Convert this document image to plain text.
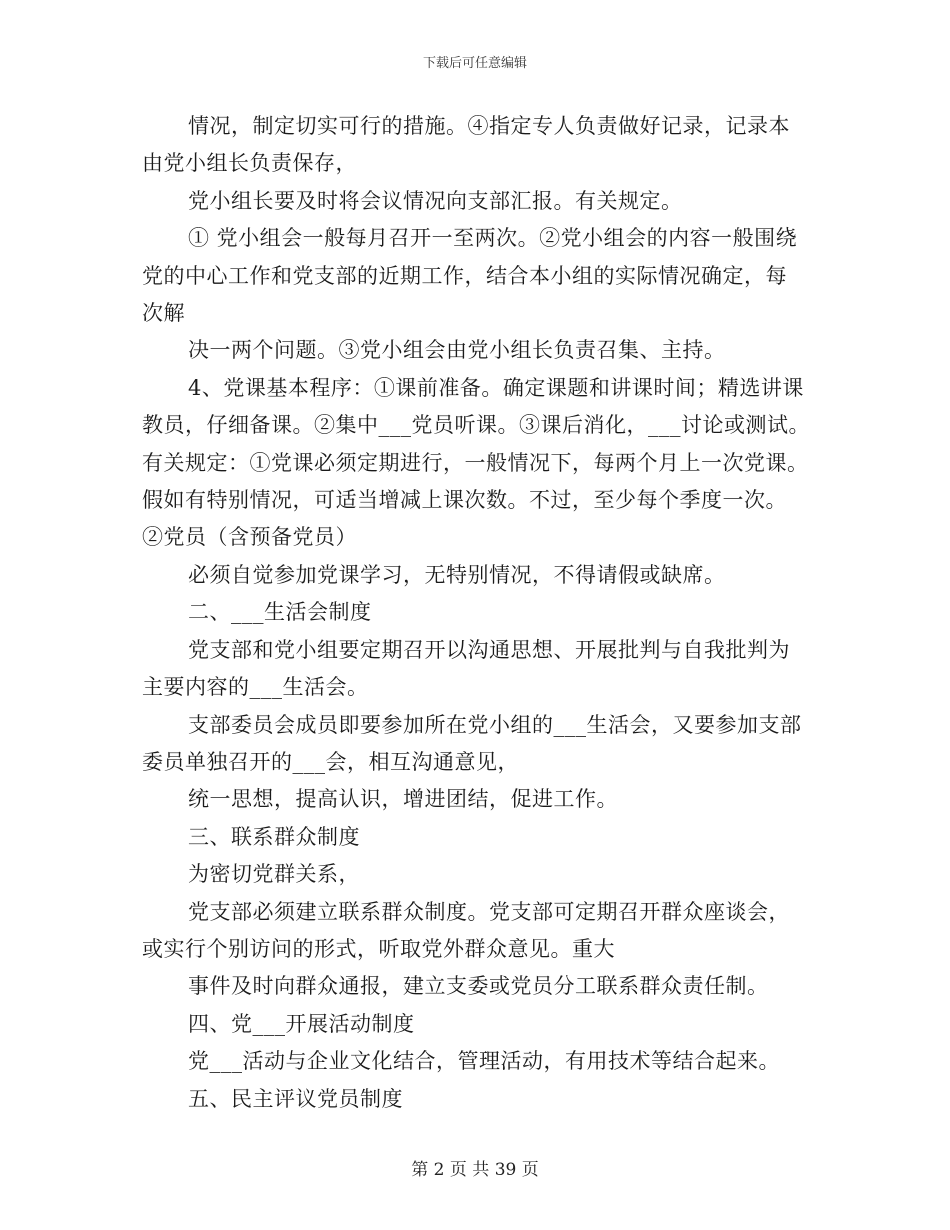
下载后可任意编辑
情况，制定切实可行的措施。④指定专人负责做好记录，记录本
由党小组长负责保存，
党小组长要及时将会议情况向支部汇报。有关规定。
① 党小组会一般每月召开一至两次。②党小组会的内容一般围绕
党的中心工作和党支部的近期工作，结合本小组的实际情况确定，每
次解
决一两个问题。③党小组会由党小组长负责召集、主持。
4、党课基本程序：①课前准备。确定课题和讲课时间；精选讲课
教员，仔细备课。②集中___党员听课。③课后消化，___讨论或测试。
有关规定：①党课必须定期进行，一般情况下，每两个月上一次党课。
假如有特别情况，可适当增减上课次数。不过，至少每个季度一次。
②党员（含预备党员）
必须自觉参加党课学习，无特别情况，不得请假或缺席。
二、___生活会制度
党支部和党小组要定期召开以沟通思想、开展批判与自我批判为
主要内容的___生活会。
支部委员会成员即要参加所在党小组的___生活会，又要参加支部
委员单独召开的___会，相互沟通意见，
统一思想，提高认识，增进团结，促进工作。
三、联系群众制度
为密切党群关系，
党支部必须建立联系群众制度。党支部可定期召开群众座谈会，
或实行个别访问的形式，听取党外群众意见。重大
事件及时向群众通报，建立支委或党员分工联系群众责任制。
四、党___开展活动制度
党___活动与企业文化结合，管理活动，有用技术等结合起来。
五、民主评议党员制度
第 2 页 共 39 页
